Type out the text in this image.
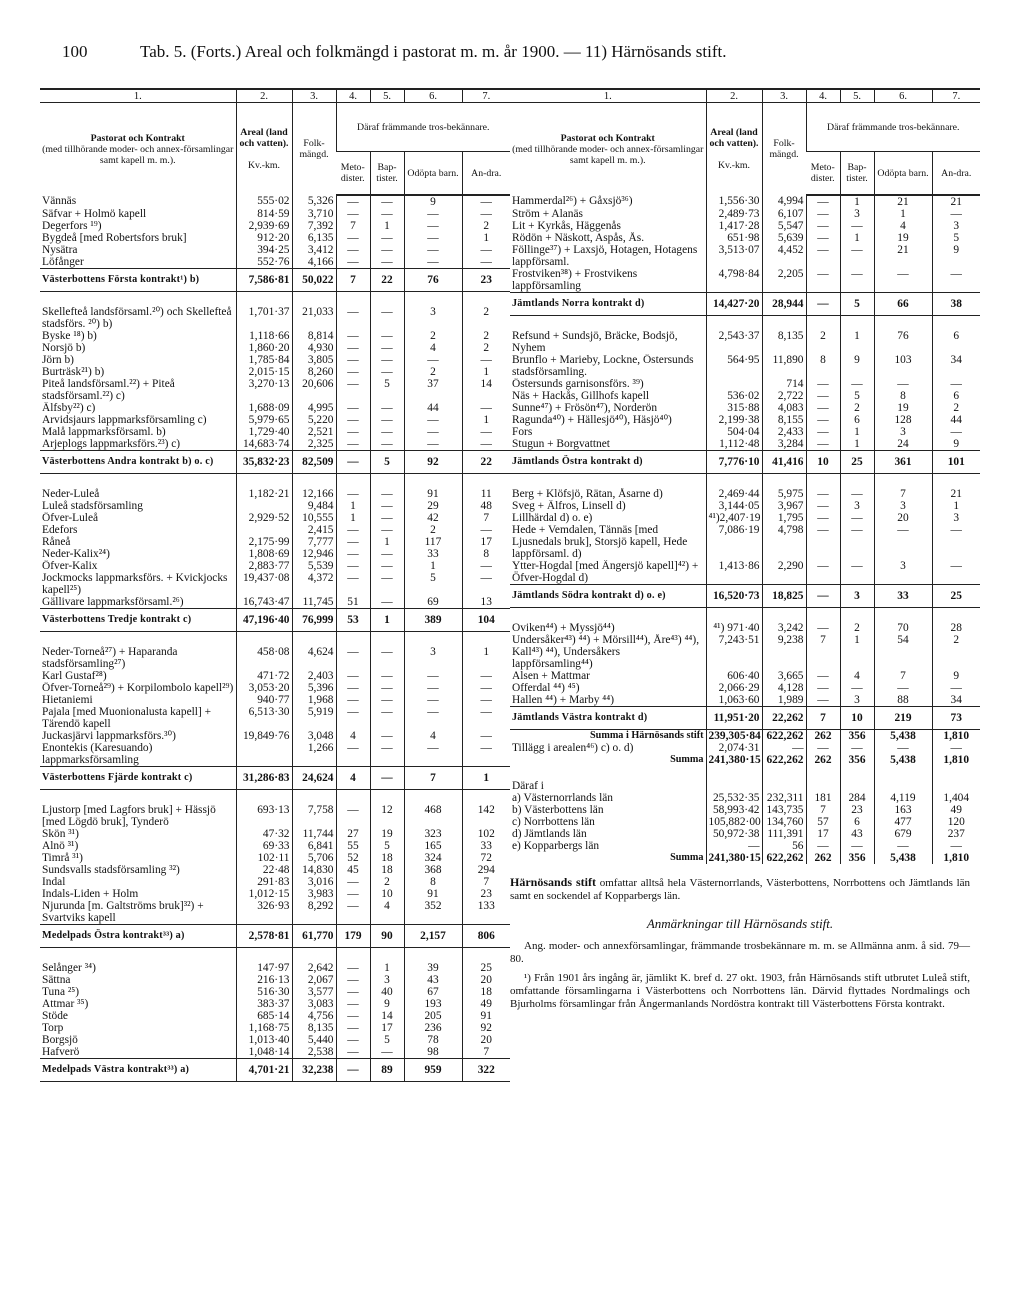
100	Tab. 5. (Forts.) Areal och folkmängd i pastorat m. m. år 1900. — 11) Härnösands stift.
1.	2.	3.	4.	5.	6.	7.
Pastorat och Kontrakt
(med tillhörande moder- och annex-församlingar samt kapell m. m.).	Areal (land och vatten).

Kv.-km.	Folk-mängd.	Däraf främmande tros-bekännare.			
			Meto-dister.	Bap-tister.	Odöpta barn.	An-dra.
Vännäs	555·02	5,326	—	—	9	—
Säfvar + Holmö kapell	814·59	3,710	—	—	—	—
Degerfors ¹⁹)	2,939·69	7,392	7	1	—	2
Bygdeå [med Robertsfors bruk]	912·20	6,135	—	—	—	1
Nysätra	394·25	3,412	—	—	—	—
Löfånger	552·76	4,166	—	—	—	—
Västerbottens Första kontrakt¹) b)	7,586·81	50,022	7	22	76	23

Skellefteå landsförsaml.²⁰) och Skellefteå stadsförs. ²⁰) b)	1,701·37	21,033	—	—	3	2
Byske ¹⁸) b)	1,118·66	8,814	—	—	2	2
Norsjö b)	1,860·20	4,930	—	—	4	2
Jörn b)	1,785·84	3,805	—	—	—	—
Burträsk²¹) b)	2,015·15	8,260	—	—	2	1
Piteå landsförsaml.²²) + Piteå stadsförsaml.²²) c)	3,270·13	20,606	—	5	37	14
Älfsby²²) c)	1,688·09	4,995	—	—	44	—
Arvidsjaurs lappmarksförsamling c)	5,979·65	5,220	—	—	—	1
Malå lappmarksförsaml. b)	1,729·40	2,521	—	—	—	—
Arjeplogs lappmarksförs.²³) c)	14,683·74	2,325	—	—	—	—
Västerbottens Andra kontrakt b) o. c)	35,832·23	82,509	—	5	92	22

Neder-Luleå	1,182·21	12,166	—	—	91	11
Luleå stadsförsamling		9,484	1	—	29	48
Öfver-Luleå	2,929·52	10,555	1	—	42	7
Edefors		2,415	—	—	2	—
Råneå	2,175·99	7,777	—	1	117	17
Neder-Kalix²⁴)	1,808·69	12,946	—	—	33	8
Öfver-Kalix	2,883·77	5,539	—	—	1	—
Jockmocks lappmarksförs. + Kvickjocks kapell²⁵)	19,437·08	4,372	—	—	5	—
Gällivare lappmarksförsaml.²⁶)	16,743·47	11,745	51	—	69	13
Västerbottens Tredje kontrakt c)	47,196·40	76,999	53	1	389	104

Neder-Torneå²⁷) + Haparanda stadsförsamling²⁷)	458·08	4,624	—	—	3	1
Karl Gustaf²⁸)	471·72	2,403	—	—	—	—
Öfver-Torneå²⁹) + Korpilombolo kapell²⁹)	3,053·20	5,396	—	—	—	—
Hietaniemi	940·77	1,968	—	—	—	—
Pajala [med Muonionalusta kapell] + Tärendö kapell	6,513·30	5,919	—	—	—	—
Juckasjärvi lappmarksförs.³⁰)	19,849·76	3,048	4	—	4	—
Enontekis (Karesuando) lappmarksförsamling		1,266	—	—	—	—
Västerbottens Fjärde kontrakt c)	31,286·83	24,624	4	—	7	1

Ljustorp [med Lagfors bruk] + Hässjö [med Lögdö bruk], Tynderö	693·13	7,758	—	12	468	142
Skön ³¹)	47·32	11,744	27	19	323	102
Alnö ³¹)	69·33	6,841	55	5	165	33
Timrå ³¹)	102·11	5,706	52	18	324	72
Sundsvalls stadsförsamling ³²)	22·48	14,830	45	18	368	294
Indal	291·83	3,016	—	2	8	7
Indals-Liden + Holm	1,012·15	3,983	—	10	91	23
Njurunda [m. Galtströms bruk]³²) + Svartviks kapell	326·93	8,292	—	4	352	133
Medelpads Östra kontrakt³³) a)	2,578·81	61,770	179	90	2,157	806

Selånger ³⁴)	147·97	2,642	—	1	39	25
Sättna	216·13	2,067	—	3	43	20
Tuna ²⁵)	516·30	3,577	—	40	67	18
Attmar ³⁵)	383·37	3,083	—	9	193	49
Stöde	685·14	4,756	—	14	205	91
Torp	1,168·75	8,135	—	17	236	92
Borgsjö	1,013·40	5,440	—	5	78	20
Hafverö	1,048·14	2,538	—	—	98	7
Medelpads Västra kontrakt³³) a)	4,701·21	32,238	—	89	959	322
1.	2.	3.	4.	5.	6.	7.
Pastorat och Kontrakt
(med tillhörande moder- och annex-församlingar samt kapell m. m.).	Areal (land och vatten).

Kv.-km.	Folk-mängd.	Däraf främmande tros-bekännare.			
			Meto-dister.	Bap-tister.	Odöpta barn.	An-dra.
Hammerdal²⁶) + Gåxsjö³⁶)	1,556·30	4,994	—	1	21	21
Ström + Alanäs	2,489·73	6,107	—	3	1	—
Lit + Kyrkås, Häggenås	1,417·28	5,547	—	—	4	3
Rödön + Näskott, Aspås, Ås.	651·98	5,639	—	1	19	5
Föllinge³⁷) + Laxsjö, Hotagen, Hotagens lappförsaml.	3,513·07	4,452	—	—	21	9
Frostviken³⁸) + Frostvikens lappförsamling	4,798·84	2,205	—	—	—	—
Jämtlands Norra kontrakt d)	14,427·20	28,944	—	5	66	38

Refsund + Sundsjö, Bräcke, Bodsjö, Nyhem	2,543·37	8,135	2	1	76	6
Brunflo + Marieby, Lockne, Östersunds stadsförsamling.	564·95	11,890	8	9	103	34
Östersunds garnisonsförs. ³⁹)		714	—	—	—	—
Näs + Hackås, Gillhofs kapell	536·02	2,722	—	5	8	6
Sunne⁴⁷) + Frösön⁴⁷), Norderön	315·88	4,083	—	2	19	2
Ragunda⁴⁰) + Hällesjö⁴⁰), Häsjö⁴⁰)	2,199·38	8,155	—	6	128	44
Fors	504·04	2,433	—	1	3	—
Stugun + Borgvattnet	1,112·48	3,284	—	1	24	9
Jämtlands Östra kontrakt d)	7,776·10	41,416	10	25	361	101

Berg + Klöfsjö, Rätan, Åsarne d)	2,469·44	5,975	—	—	7	21
Sveg + Älfros, Linsell d)	3,144·05	3,967	—	3	3	1
Lillhärdal d) o. e)	⁴¹)2,407·19	1,795	—	—	20	3
Hede + Vemdalen, Tännäs [med Ljusnedals bruk], Storsjö kapell, Hede lappförsaml. d)	7,086·19	4,798	—	—	—	—
Ytter-Hogdal [med Ängersjö kapell]⁴²) + Öfver-Hogdal d)	1,413·86	2,290	—	—	3	—
Jämtlands Södra kontrakt d) o. e)	16,520·73	18,825	—	3	33	25

Oviken⁴⁴) + Myssjö⁴⁴)	⁴¹) 971·40	3,242	—	2	70	28
Undersåker⁴³) ⁴⁴) + Mörsill⁴⁴), Åre⁴³) ⁴⁴), Kall⁴³) ⁴⁴), Undersåkers lappförsamling⁴⁴)	7,243·51	9,238	7	1	54	2
Alsen + Mattmar	606·40	3,665	—	4	7	9
Offerdal ⁴⁴) ⁴⁵)	2,066·29	4,128	—	—	—	—
Hallen ⁴⁴) + Marby ⁴⁴)	1,063·60	1,989	—	3	88	34
Jämtlands Västra kontrakt d)	11,951·20	22,262	7	10	219	73
Summa i Härnösands stift	239,305·84	622,262	262	356	5,438	1,810
Tillägg i arealen⁴⁶) c) o. d)	2,074·31	—	—	—	—	—
Summa	241,380·15	622,262	262	356	5,438	1,810

Däraf i						
a) Västernorrlands län	25,532·35	232,311	181	284	4,119	1,404
b) Västerbottens län	58,993·42	143,735	7	23	163	49
c) Norrbottens län	105,882·00	134,760	57	6	477	120
d) Jämtlands län	50,972·38	111,391	17	43	679	237
e) Kopparbergs län	—	56	—	—	—	—
Summa	241,380·15	622,262	262	356	5,438	1,810

Härnösands stift omfattar alltså hela Västernorrlands, Västerbottens, Norrbottens och Jämtlands län samt en sockendel af Kopparbergs län.

Anmärkningar till Härnösands stift.

Ang. moder- och annexförsamlingar, främmande trosbekännare m. m. se Allmänna anm. å sid. 79—80.

¹) Från 1901 års ingång är, jämlikt K. bref d. 27 okt. 1903, från Härnösands stift utbrutet Luleå stift, omfattande församlingarna i Västerbottens och Norrbottens län. Därvid flyttades Nordmalings och Bjurholms församlingar från Ångermanlands Nordöstra kontrakt till Västerbottens Första kontrakt.
